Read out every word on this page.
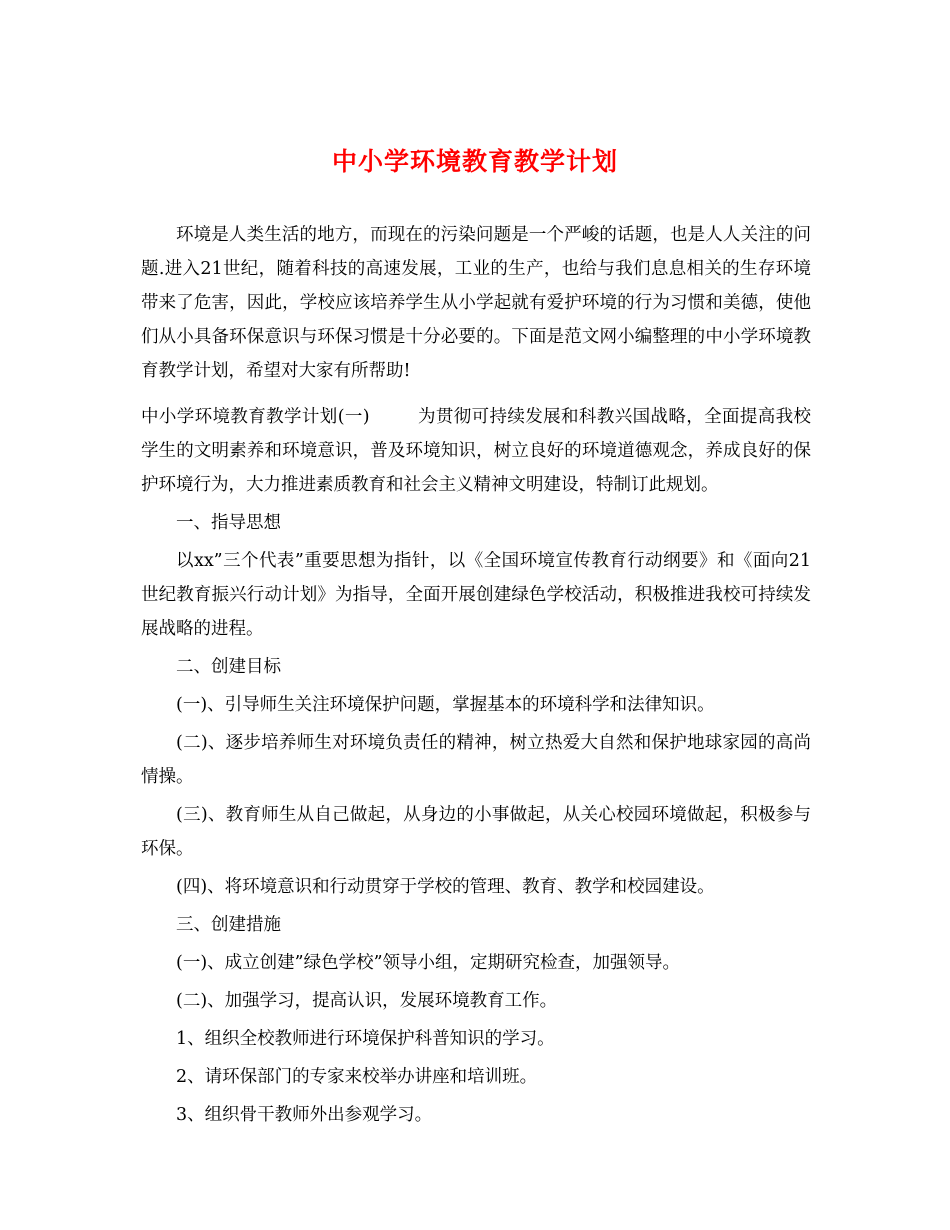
中小学环境教育教学计划
环境是人类生活的地方，而现在的污染问题是一个严峻的话题，也是人人关注的问题.进入21世纪，随着科技的高速发展，工业的生产，也给与我们息息相关的生存环境带来了危害，因此，学校应该培养学生从小学起就有爱护环境的行为习惯和美德，使他们从小具备环保意识与环保习惯是十分必要的。下面是范文网小编整理的中小学环境教育教学计划，希望对大家有所帮助!
中小学环境教育教学计划(一)	为贯彻可持续发展和科教兴国战略，全面提高我校学生的文明素养和环境意识，普及环境知识，树立良好的环境道德观念，养成良好的保护环境行为，大力推进素质教育和社会主义精神文明建设，特制订此规划。

一、指导思想

以xx”三个代表”重要思想为指针，以《全国环境宣传教育行动纲要》和《面向21世纪教育振兴行动计划》为指导，全面开展创建绿色学校活动，积极推进我校可持续发展战略的进程。

二、创建目标

(一)、引导师生关注环境保护问题，掌握基本的环境科学和法律知识。

(二)、逐步培养师生对环境负责任的精神，树立热爱大自然和保护地球家园的高尚情操。

(三)、教育师生从自己做起，从身边的小事做起，从关心校园环境做起，积极参与环保。

(四)、将环境意识和行动贯穿于学校的管理、教育、教学和校园建设。

三、创建措施

(一)、成立创建”绿色学校”领导小组，定期研究检查，加强领导。

(二)、加强学习，提高认识，发展环境教育工作。

1、组织全校教师进行环境保护科普知识的学习。

2、请环保部门的专家来校举办讲座和培训班。

3、组织骨干教师外出参观学习。
